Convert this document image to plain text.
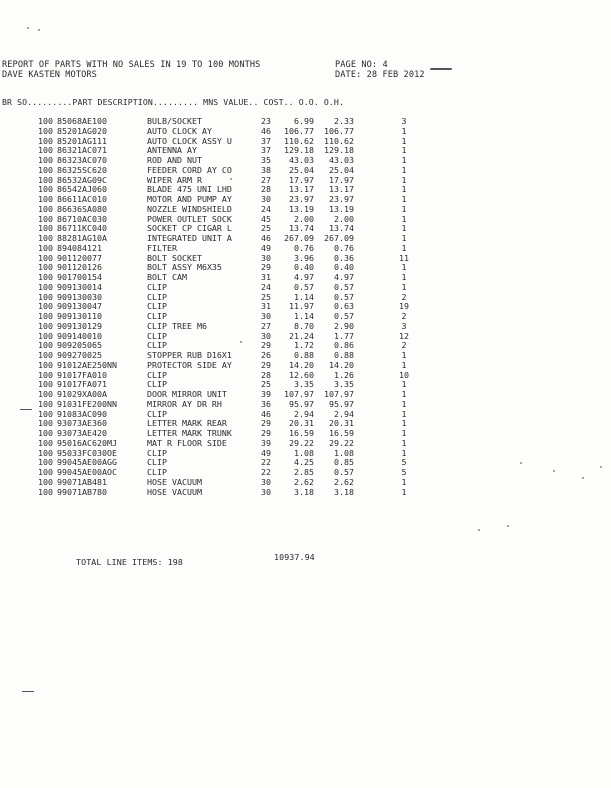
REPORT OF PARTS WITH NO SALES IN 19 TO 100 MONTHS
DAVE KASTEN MOTORS
PAGE NO: 4
DATE: 28 FEB 2012
BR SO.........PART DESCRIPTION......... MNS VALUE.. COST.. O.O. O.H.
100 85068AE100	BULB/SOCKET	23	6.99	2.33	3
100 85201AG020	AUTO CLOCK AY	46	106.77	106.77	1
100 85201AG111	AUTO CLOCK ASSY U	37	110.62	110.62	1
100 86321AC071	ANTENNA AY	37	129.18	129.18	1
100 86323AC070	ROD AND NUT	35	43.03	43.03	1
100 86325SC620	FEEDER CORD AY CO	38	25.04	25.04	1
100 86532AG09C	WIPER ARM R	27	17.97	17.97	1
100 86542AJ060	BLADE 475 UNI LHD	28	13.17	13.17	1
100 86611AC010	MOTOR AND PUMP AY	30	23.97	23.97	1
100 86636SA080	NOZZLE WINDSHIELD	24	13.19	13.19	1
100 86710AC030	POWER OUTLET SOCK	45	2.00	2.00	1
100 86711KC040	SOCKET CP CIGAR L	25	13.74	13.74	1
100 88281AG10A	INTEGRATED UNIT A	46	267.09	267.09	1
100 894084121	FILTER	49	0.76	0.76	1
100 901120077	BOLT SOCKET	30	3.96	0.36	11
100 901120126	BOLT ASSY M6X35	29	0.40	0.40	1
100 901700154	BOLT CAM	31	4.97	4.97	1
100 909130014	CLIP	24	0.57	0.57	1
100 909130030	CLIP	25	1.14	0.57	2
100 909130047	CLIP	31	11.97	0.63	19
100 909130110	CLIP	30	1.14	0.57	2
100 909130129	CLIP TREE M6	27	8.70	2.90	3
100 909140010	CLIP	30	21.24	1.77	12
100 909205065	CLIP	29	1.72	0.86	2
100 909270025	STOPPER RUB D16X1	26	0.88	0.88	1
100 91012AE250NN	PROTECTOR SIDE AY	29	14.20	14.20	1
100 91017FA010	CLIP	28	12.60	1.26	10
100 91017FA071	CLIP	25	3.35	3.35	1
100 91029XA00A	DOOR MIRROR UNIT	39	107.97	107.97	1
100 91031FE200NN	MIRROR AY DR RH	36	95.97	95.97	1
100 91083AC090	CLIP	46	2.94	2.94	1
100 93073AE360	LETTER MARK REAR	29	20.31	20.31	1
100 93073AE420	LETTER MARK TRUNK	29	16.59	16.59	1
100 95016AC620MJ	MAT R FLOOR SIDE	39	29.22	29.22	1
100 95033FC030OE	CLIP	49	1.08	1.08	1
100 99045AE00AGG	CLIP	22	4.25	0.85	5
100 99045AE00AOC	CLIP	22	2.85	0.57	5
100 99071AB481	HOSE VACUUM	30	2.62	2.62	1
100 99071AB780	HOSE VACUUM	30	3.18	3.18	1
TOTAL LINE ITEMS: 198	10937.94
